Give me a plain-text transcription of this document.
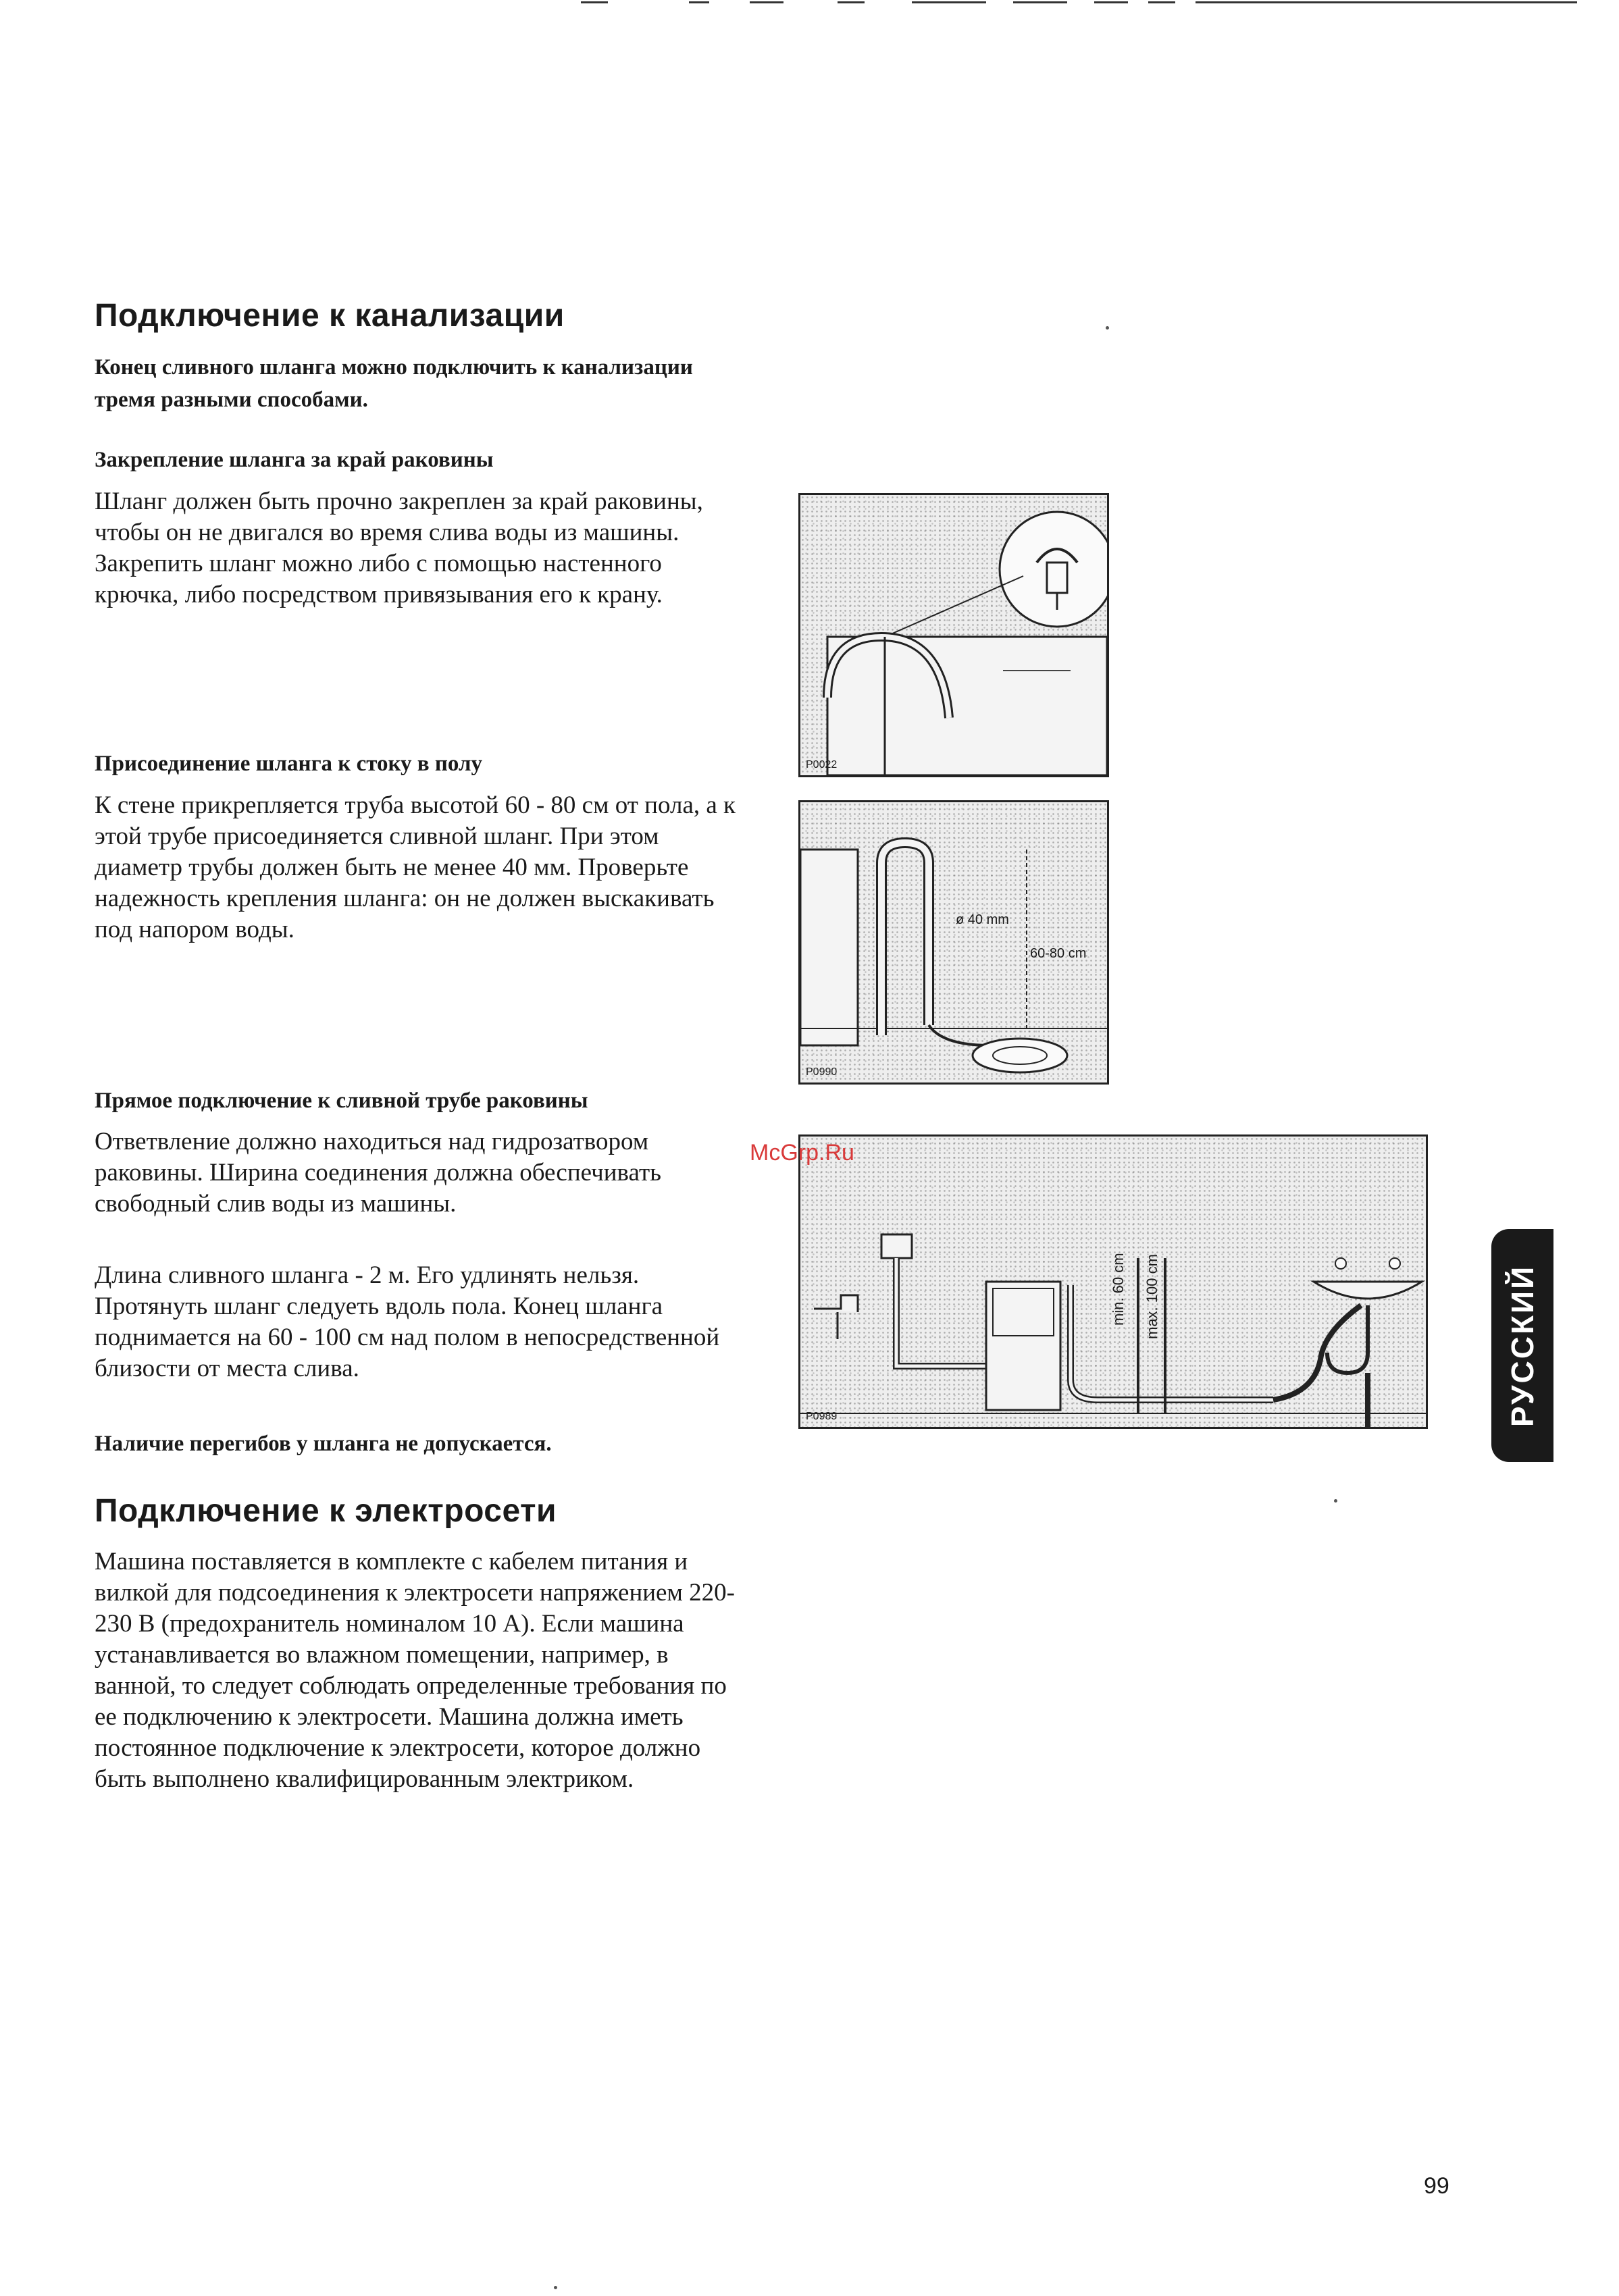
Подключение к канализации

Конец сливного шланга можно подключить к канализации тремя разными способами.

Закрепление шланга за край раковины

Шланг должен быть прочно закреплен за край раковины, чтобы он не двигался во время слива воды из машины. Закрепить шланг можно либо с помощью настенного крючка, либо посредством привязывания его к крану.

Присоединение шланга к стоку в полу

К стене прикрепляется труба высотой 60 - 80 см от пола, а к этой трубе присоединяется сливной шланг. При этом диаметр трубы должен быть не менее 40 мм. Проверьте надежность крепления шланга: он не должен выскакивать под напором воды.

Прямое подключение к сливной трубе раковины

Ответвление должно находиться над гидрозатвором раковины. Ширина соединения должна обеспечивать свободный слив воды из машины.

Длина сливного шланга - 2 м. Его удлинять нельзя. Протянуть шланг следуеть вдоль пола. Конец шланга поднимается на 60 - 100 см над полом в непосредственной близости от места слива.

Наличие перегибов у шланга не допускается.

Подключение к электросети

Машина поставляется в комплекте с кабелем питания и вилкой для подсоединения к электросети напряжением 220-230 В (предохранитель номиналом 10 А). Если машина устанавливается во влажном помещении, например, в ванной, то следует соблюдать определенные требования по ее подключению к электросети. Машина должна иметь постоянное подключение к электросети, которое должно быть выполнено квалифицированным электриком.

P0022
ø 40 mm
60-80 cm
P0990
min. 60 cm max. 100 cm
P0989
McGrp.Ru
РУССКИЙ
99
